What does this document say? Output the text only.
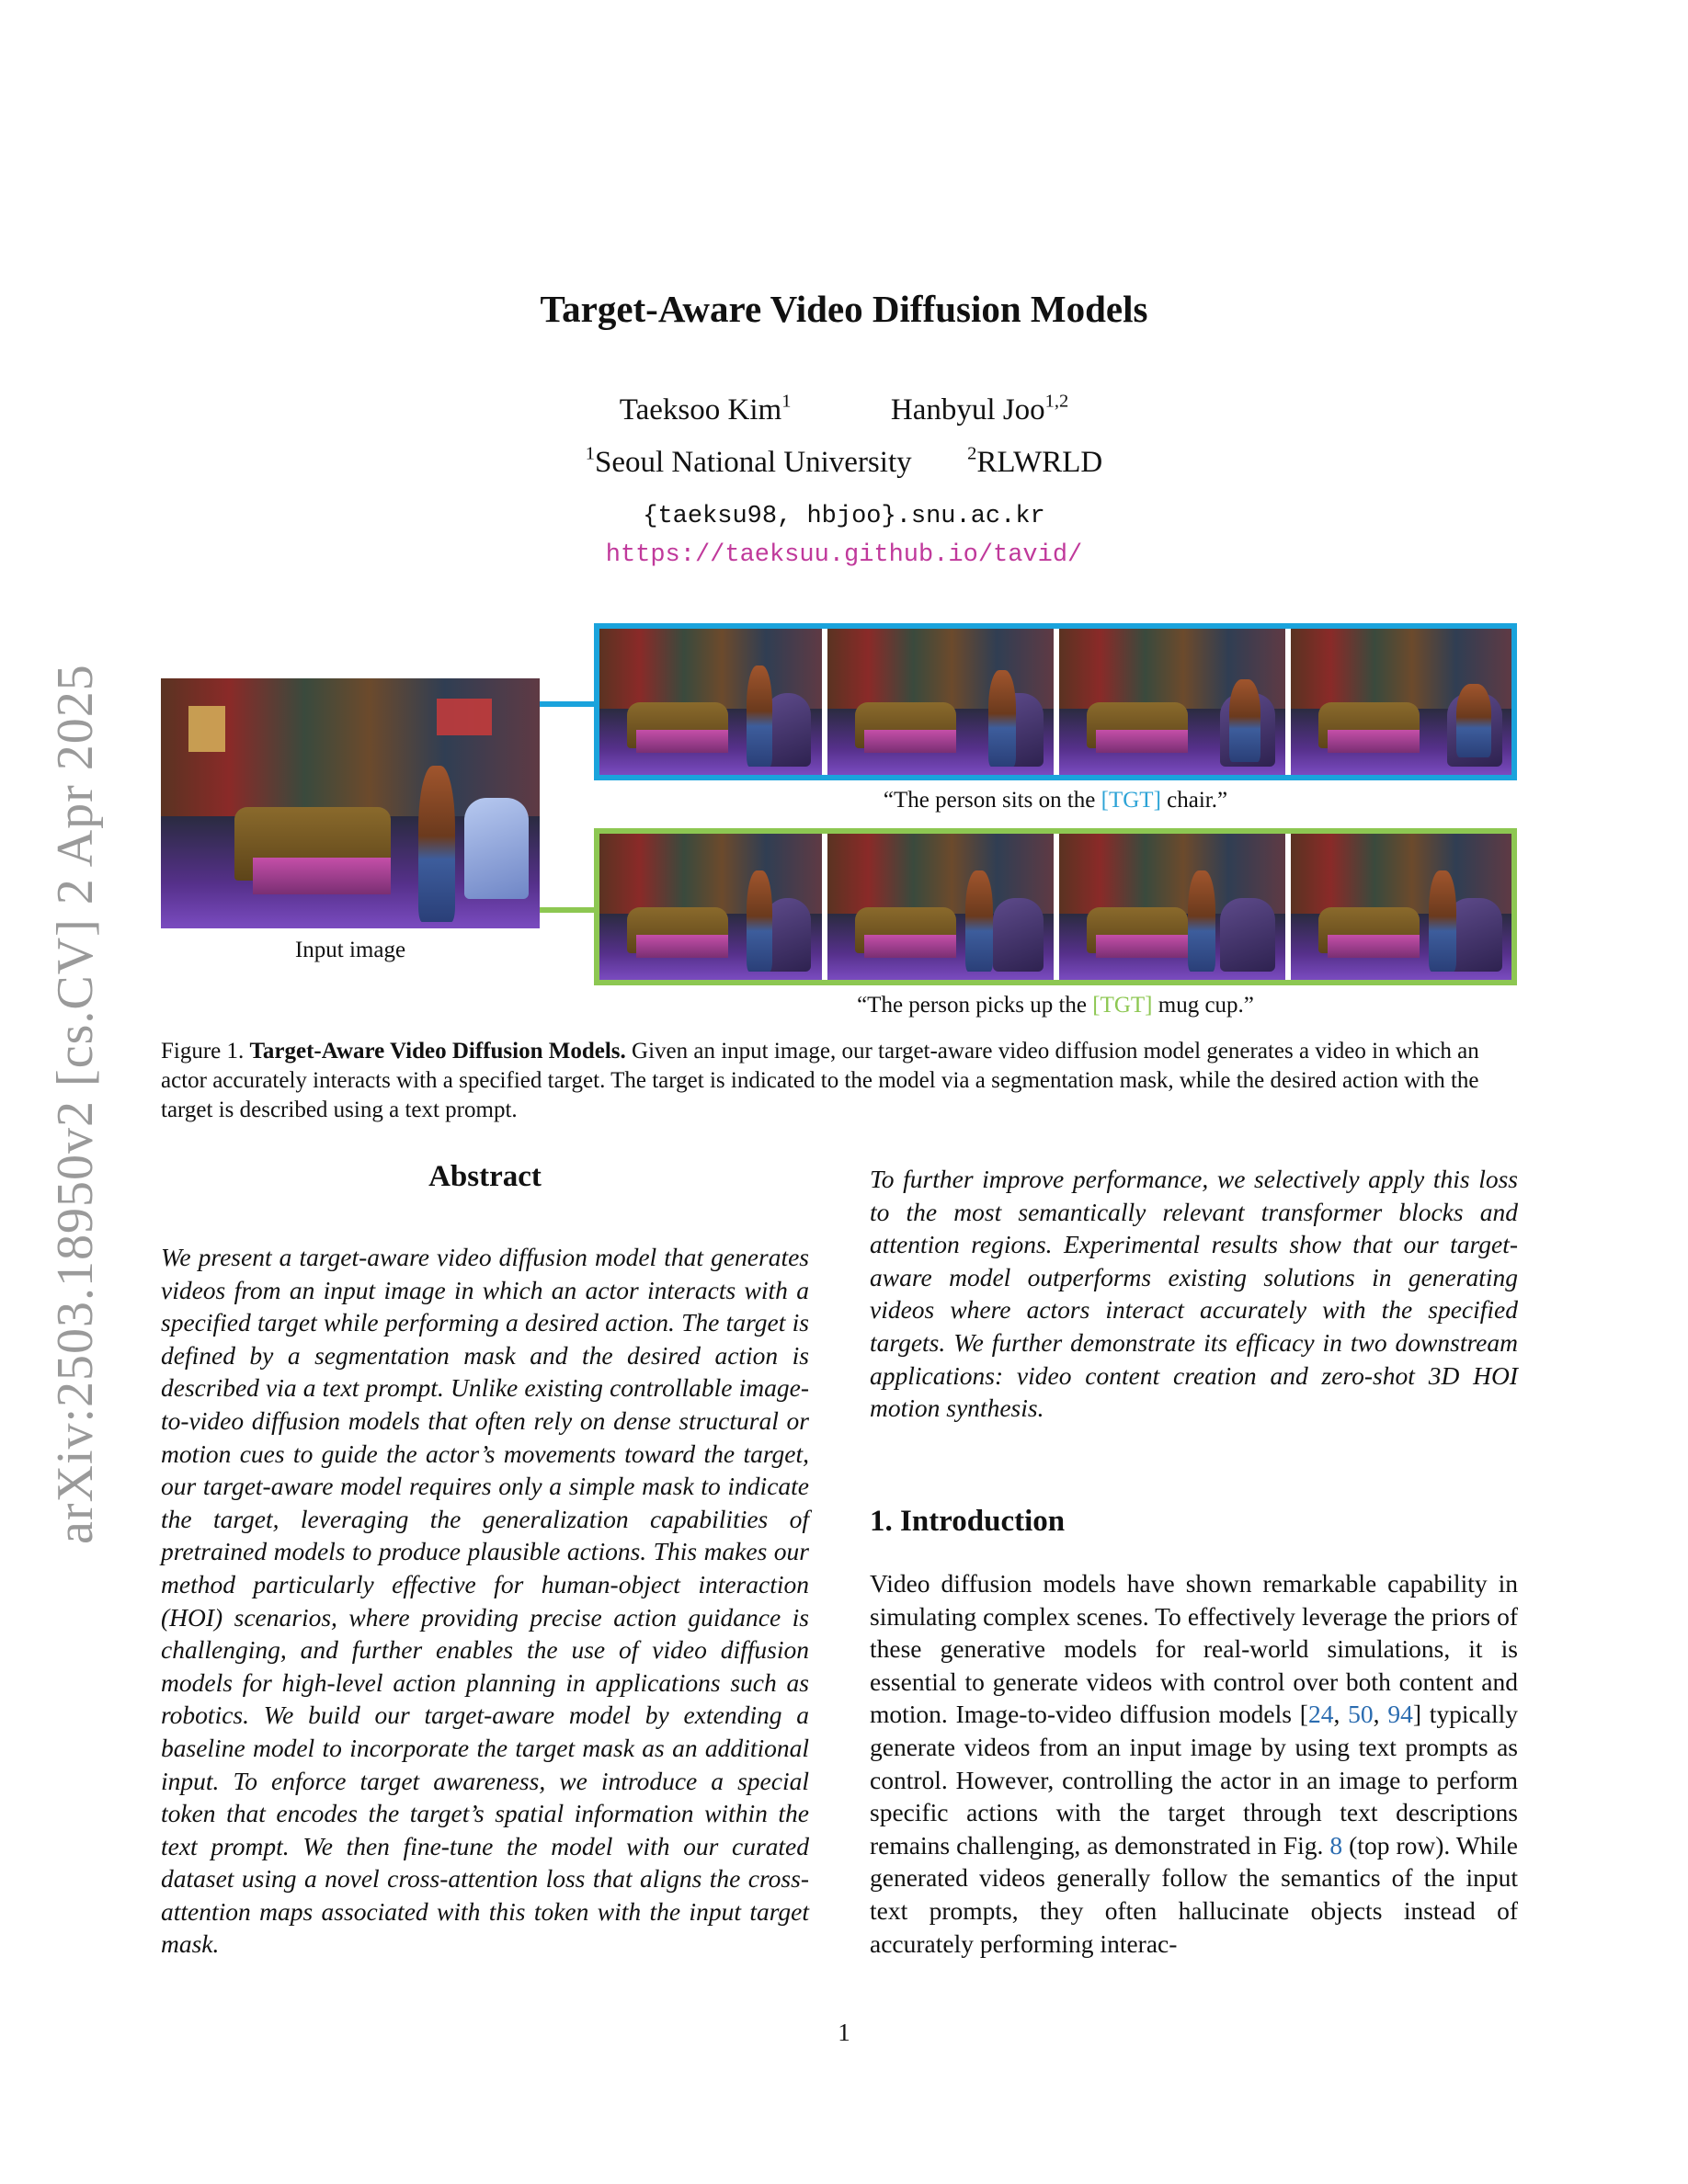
arXiv:2503.18950v2 [cs.CV] 2 Apr 2025
Target-Aware Video Diffusion Models
Taeksoo Kim$^1$	Hanbyul Joo$^{1,2}$
$^1$Seoul National University	$^2$RLWRLD
{taeksu98, hbjoo}.snu.ac.kr
https://taeksuu.github.io/tavid/
Input image
“The person sits on the [TGT] chair.”
“The person picks up the [TGT] mug cup.”
Figure 1. Target-Aware Video Diffusion Models. Given an input image, our target-aware video diffusion model generates a video in which an actor accurately interacts with a specified target. The target is indicated to the model via a segmentation mask, while the desired action with the target is described using a text prompt.
Abstract
We present a target-aware video diffusion model that generates videos from an input image in which an actor interacts with a specified target while performing a desired action. The target is defined by a segmentation mask and the desired action is described via a text prompt. Unlike existing controllable image-to-video diffusion models that often rely on dense structural or motion cues to guide the actor’s movements toward the target, our target-aware model requires only a simple mask to indicate the target, leveraging the generalization capabilities of pretrained models to produce plausible actions. This makes our method particularly effective for human-object interaction (HOI) scenarios, where providing precise action guidance is challenging, and further enables the use of video diffusion models for high-level action planning in applications such as robotics. We build our target-aware model by extending a baseline model to incorporate the target mask as an additional input. To enforce target awareness, we introduce a special token that encodes the target’s spatial information within the text prompt. We then fine-tune the model with our curated dataset using a novel cross-attention loss that aligns the cross-attention maps associated with this token with the input target mask.
To further improve performance, we selectively apply this loss to the most semantically relevant transformer blocks and attention regions. Experimental results show that our target-aware model outperforms existing solutions in generating videos where actors interact accurately with the specified targets. We further demonstrate its efficacy in two downstream applications: video content creation and zero-shot 3D HOI motion synthesis.
1. Introduction
Video diffusion models have shown remarkable capability in simulating complex scenes. To effectively leverage the priors of these generative models for real-world simulations, it is essential to generate videos with control over both content and motion. Image-to-video diffusion models [24, 50, 94] typically generate videos from an input image by using text prompts as control. However, controlling the actor in an image to perform specific actions with the target through text descriptions remains challenging, as demonstrated in Fig. 8 (top row). While generated videos generally follow the semantics of the input text prompts, they often hallucinate objects instead of accurately performing interac-
1
